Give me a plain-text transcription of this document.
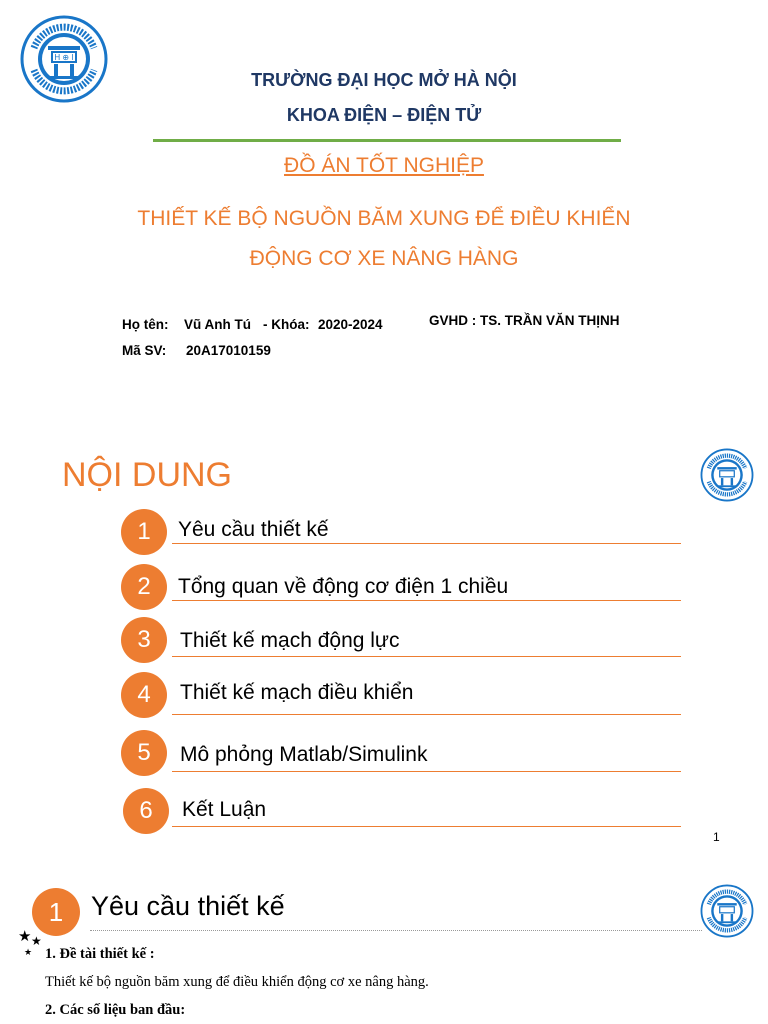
H ⊕ I
TRƯỜNG ĐẠI HỌC MỞ HÀ NỘI
KHOA ĐIỆN – ĐIỆN TỬ
ĐỒ ÁN TỐT NGHIỆP
THIẾT KẾ BỘ NGUỒN BĂM XUNG ĐỂ ĐIỀU KHIỂN
ĐỘNG CƠ XE NÂNG HÀNG
Họ tên: Vũ Anh Tú - Khóa: 2020-2024	GVHD : TS. TRẦN VĂN THỊNH
Mã SV: 20A17010159
NỘI DUNG
1	Yêu cầu thiết kế
2	Tổng quan về động cơ điện 1 chiều
3	Thiết kế mạch động lực
4	Thiết kế mạch điều khiển
5	Mô phỏng Matlab/Simulink
6	Kết Luận
1
1	Yêu cầu thiết kế
★ ★
★ 1. Đề tài thiết kế :
Thiết kế bộ nguồn băm xung để điều khiển động cơ xe nâng hàng.
2. Các số liệu ban đầu:
